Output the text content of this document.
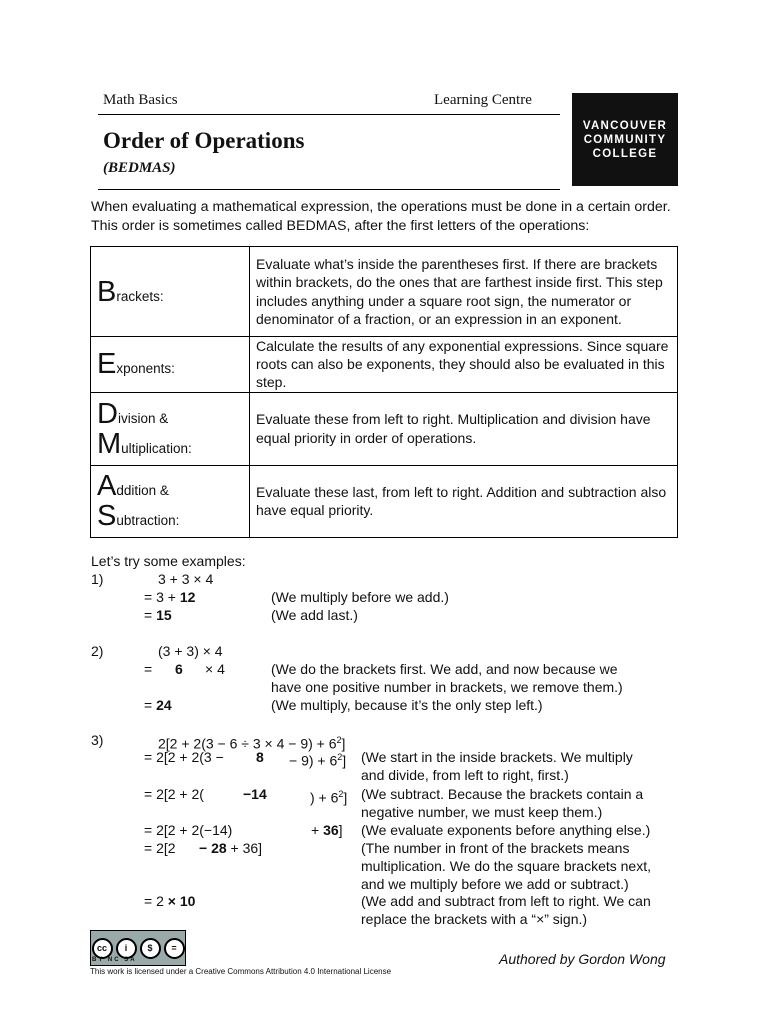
Math Basics	Learning Centre
Order of Operations
(BEDMAS)
VANCOUVER
COMMUNITY
COLLEGE
When evaluating a mathematical expression, the operations must be done in a certain order. This order is sometimes called BEDMAS, after the first letters of the operations:
Brackets:	Evaluate what’s inside the parentheses first. If there are brackets within brackets, do the ones that are farthest inside first. This step includes anything under a square root sign, the numerator or denominator of a fraction, or an expression in an exponent.

Exponents:	Calculate the results of any exponential expressions. Since square roots can also be exponents, they should also be evaluated in this step.

Division &
Multiplication:	Evaluate these from left to right. Multiplication and division have equal priority in order of operations.

Addition &
Subtraction:	Evaluate these last, from left to right. Addition and subtraction also have equal priority.
Let’s try some examples:
1)	3 + 3 × 4
= 3 + 12	(We multiply before we add.)
= 15	(We add last.)
2)	(3 + 3) × 4
= 6 × 4	(We do the brackets first. We add, and now because we
have one positive number in brackets, we remove them.)
= 24	(We multiply, because it’s the only step left.)
3)	$2[2 + 2(3 - 6 \div 3 \times 4 - 9) + 6^2]$
= $2[2 + 2(3 - 8 - 9) + 6^2]$ (We start in the inside brackets. We multiply
and divide, from left to right, first.)
= 2[2 + 2(	−14	) + $6^2$] (We subtract. Because the brackets contain a
negative number, we must keep them.)
= 2[2 + 2(−14)	+ 36] (We evaluate exponents before anything else.)
= 2[2 − 28 + 36]	(The number in front of the brackets means
multiplication. We do the square brackets next,
and we multiply before we add or subtract.)
= 2 × 10	(We add and subtract from left to right. We can
replace the brackets with a “×” sign.)
cc	i	$	=
BY NC SA
This work is licensed under a Creative Commons Attribution 4.0 International License
Authored by Gordon Wong
